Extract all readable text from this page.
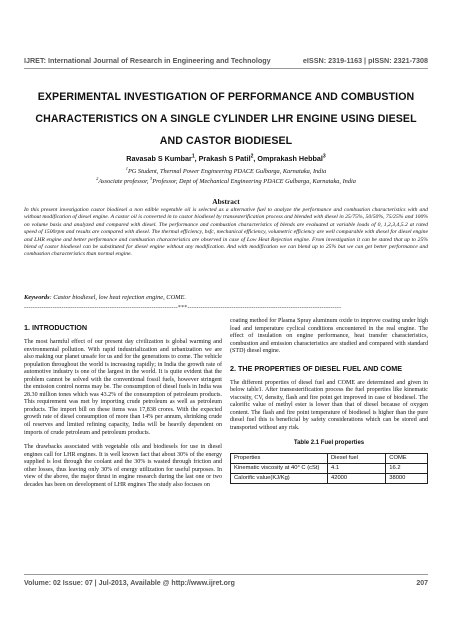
IJRET: International Journal of Research in Engineering and Technology	eISSN: 2319-1163 | pISSN: 2321-7308
EXPERIMENTAL INVESTIGATION OF PERFORMANCE AND COMBUSTION CHARACTERISTICS ON A SINGLE CYLINDER LHR ENGINE USING DIESEL AND CASTOR BIODIESEL
Ravasab S Kumbar$^1$, Prakash S Patil$^2$, Omprakash Hebbal$^3$
$^1$PG Student, Thermal Power Engineering PDACE Gulbarga, Karnataka, India
$^2$Associate professor, $^3$Professor, Dept of Mechanical Engineering PDACE Gulbarga, Karnataka, India
Abstract
In this present investigation castor biodiesel a non edible vegetable oil is selected as a alternative fuel to analyze the performance and combustion characteristics with and without modification of diesel engine. A castor oil is converted in to castor biodiesel by transesterification process and blended with diesel in 25/75%, 50/50%, 75/25% and 100% on volume basis and analyzed and compared with diesel. The performance and combustion characteristics of blends are evaluated at variable loads of 0, 1,2,3,4,5.2 at rated speed of 1500rpm and results are compared with diesel. The thermal efficiency, bsfc, mechanical efficiency, volumetric efficiency are well comparable with diesel for diesel engine and LHR engine and better performance and combustion characteristics are observed in case of Low Heat Rejection engine. From investigation it can be stated that up to 25% blend of castor biodiesel can be substituted for diesel engine without any modification. And with modification we can blend up to 25% but we can get better performance and combustion characteristics than normal engine.
Keywords: Castor biodiesel, low heat rejection engine, COME.
----------------------------------------------------------------------***----------------------------------------------------------------------
1. INTRODUCTION

The most harmful effect of our present day civilization is global warming and environmental pollution. With rapid industrialization and urbanization we are also making our planet unsafe for us and for the generations to come. The vehicle population throughout the world is increasing rapidly; in India the growth rate of automotive industry is one of the largest in the world. It is quite evident that the problem cannot be solved with the conventional fossil fuels, however stringent the emission control norms may be. The consumption of diesel fuels in India was 28.30 million tones which was 43.2% of the consumption of petroleum products. This requirement was met by importing crude petroleum as well as petroleum products. The import bill on these items was 17,838 crores. With the expected growth rate of diesel consumption of more than 14% per annum, shrinking crude oil reserves and limited refining capacity, India will be heavily dependent on imports of crude petroleum and petroleum products.

The drawbacks associated with vegetable oils and biodiesels for use in diesel engines call for LHR engines. It is well known fact that about 30% of the energy supplied is lost through the coolant and the 30% is wasted through friction and other losses, thus leaving only 30% of energy utilization for useful purposes. In view of the above, the major thrust in engine research during the last one or two decades has been on development of LHR engines The study also focuses on

coating method for Plasma Spray aluminum oxide to improve coating under high load and temperature cyclical conditions encountered in the real engine. The effect of insulation on engine performance, heat transfer characteristics, combustion and emission characteristics are studied and compared with standard (STD) diesel engine.

2. THE PROPERTIES OF DIESEL FUEL AND COME

The different properties of diesel fuel and COME are determined and given in below table1. After transesterification process the fuel properties like kinematic viscosity, CV, density, flash and fire point get improved in case of biodiesel. The calorific value of methyl ester is lower than that of diesel because of oxygen content. The flash and fire point temperature of biodiesel is higher than the pure diesel fuel this is beneficial by safety considerations which can be stored and transported without any risk.

Table 2.1 Fuel properties
Properties	Diesel fuel	COME
Kinematic viscosity at 40° C (cSt)	4.1	16.2
Calorific value(KJ/Kg)	42000	38000
Volume: 02 Issue: 07 | Jul-2013, Available @ http://www.ijret.org	207
